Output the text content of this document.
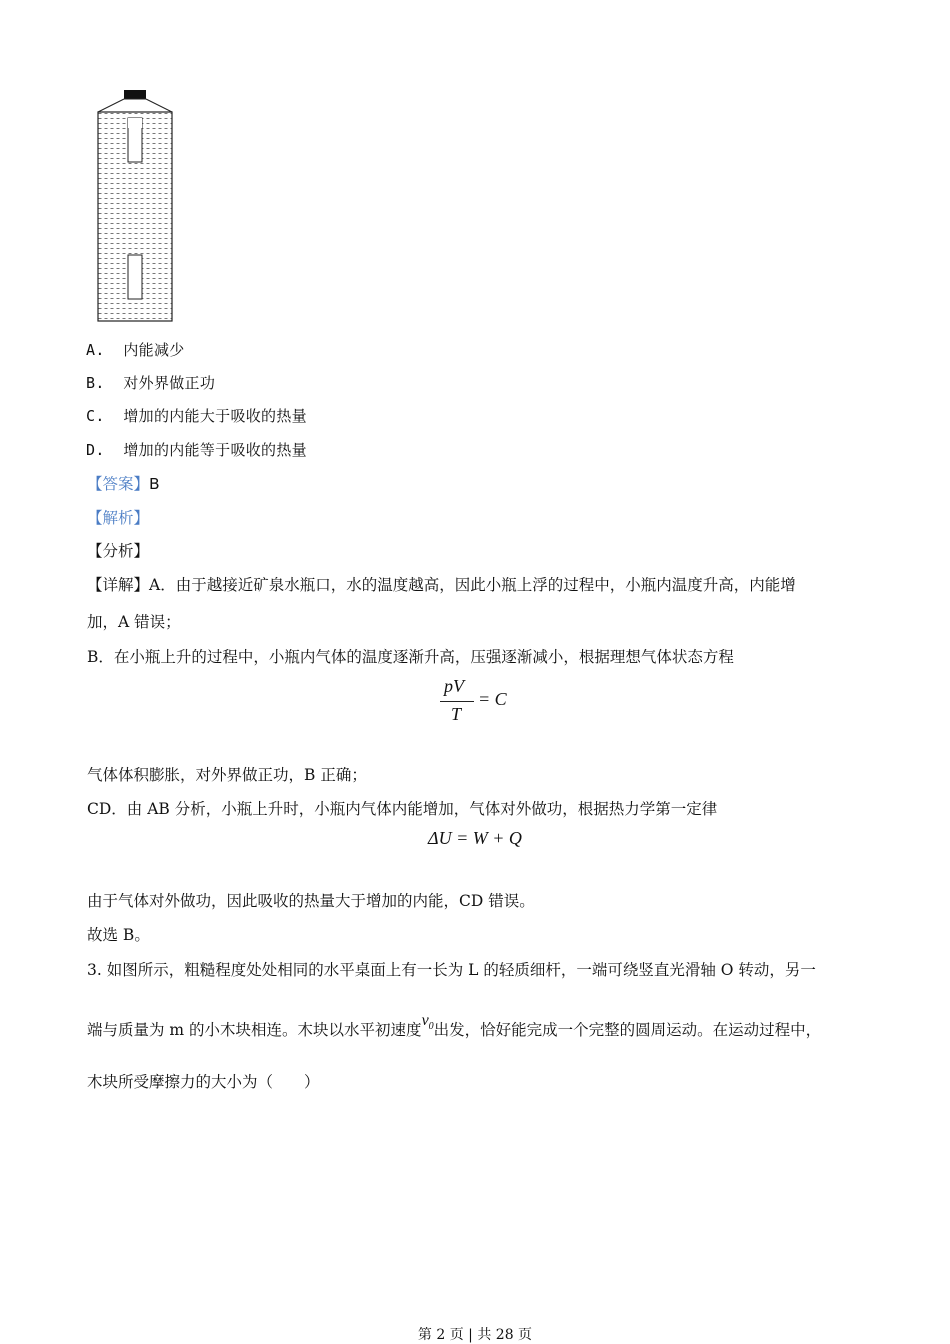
A. 内能减少
B. 对外界做正功
C. 增加的内能大于吸收的热量
D. 增加的内能等于吸收的热量
【答案】B
【解析】
【分析】
【详解】A．由于越接近矿泉水瓶口，水的温度越高，因此小瓶上浮的过程中，小瓶内温度升高，内能增
加，A 错误；
B．在小瓶上升的过程中，小瓶内气体的温度逐渐升高，压强逐渐减小，根据理想气体状态方程
pV
T
= C
气体体积膨胀，对外界做正功，B 正确；
CD．由 AB 分析，小瓶上升时，小瓶内气体内能增加，气体对外做功，根据热力学第一定律
ΔU = W + Q
由于气体对外做功，因此吸收的热量大于增加的内能，CD 错误。
故选 B。
3. 如图所示，粗糙程度处处相同的水平桌面上有一长为 L 的轻质细杆，一端可绕竖直光滑轴 O 转动，另一
端与质量为 m 的小木块相连。木块以水平初速度$v_0$出发，恰好能完成一个完整的圆周运动。在运动过程中，
木块所受摩擦力的大小为（　　）
第 2 页 | 共 28 页
